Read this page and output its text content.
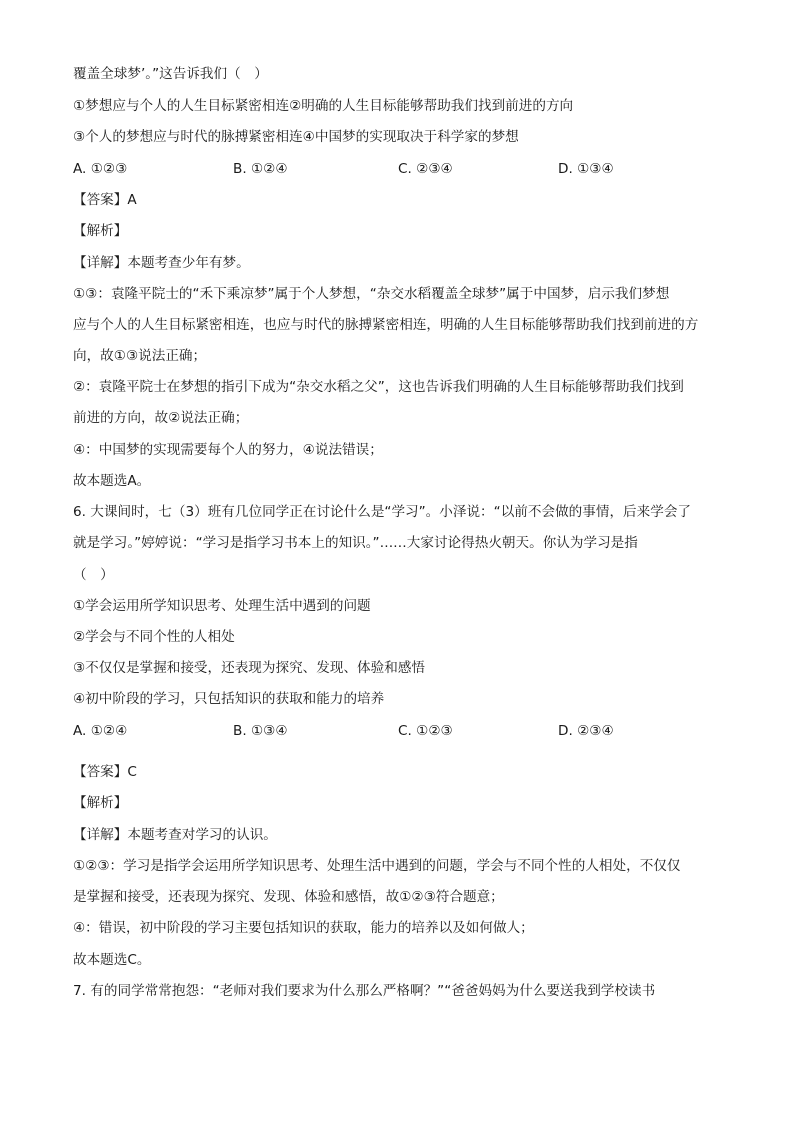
覆盖全球梦’。”这告诉我们（　）
①梦想应与个人的人生目标紧密相连②明确的人生目标能够帮助我们找到前进的方向
③个人的梦想应与时代的脉搏紧密相连④中国梦的实现取决于科学家的梦想
A. ①②③	B. ①②④	C. ②③④	D. ①③④
【答案】A
【解析】
【详解】本题考查少年有梦。
①③：袁隆平院士的“禾下乘凉梦”属于个人梦想，“杂交水稻覆盖全球梦”属于中国梦，启示我们梦想
应与个人的人生目标紧密相连，也应与时代的脉搏紧密相连，明确的人生目标能够帮助我们找到前进的方
向，故①③说法正确；
②：袁隆平院士在梦想的指引下成为“杂交水稻之父”，这也告诉我们明确的人生目标能够帮助我们找到
前进的方向，故②说法正确；
④：中国梦的实现需要每个人的努力，④说法错误；
故本题选A。
6. 大课间时，七（3）班有几位同学正在讨论什么是“学习”。小泽说：“以前不会做的事情，后来学会了
就是学习。”婷婷说：“学习是指学习书本上的知识。”……大家讨论得热火朝天。你认为学习是指
（　）
①学会运用所学知识思考、处理生活中遇到的问题
②学会与不同个性的人相处
③不仅仅是掌握和接受，还表现为探究、发现、体验和感悟
④初中阶段的学习，只包括知识的获取和能力的培养
A. ①②④	B. ①③④	C. ①②③	D. ②③④
【答案】C
【解析】
【详解】本题考查对学习的认识。
①②③：学习是指学会运用所学知识思考、处理生活中遇到的问题，学会与不同个性的人相处，不仅仅
是掌握和接受，还表现为探究、发现、体验和感悟，故①②③符合题意；
④：错误，初中阶段的学习主要包括知识的获取，能力的培养以及如何做人；
故本题选C。
7. 有的同学常常抱怨：“老师对我们要求为什么那么严格啊？”“爸爸妈妈为什么要送我到学校读书
